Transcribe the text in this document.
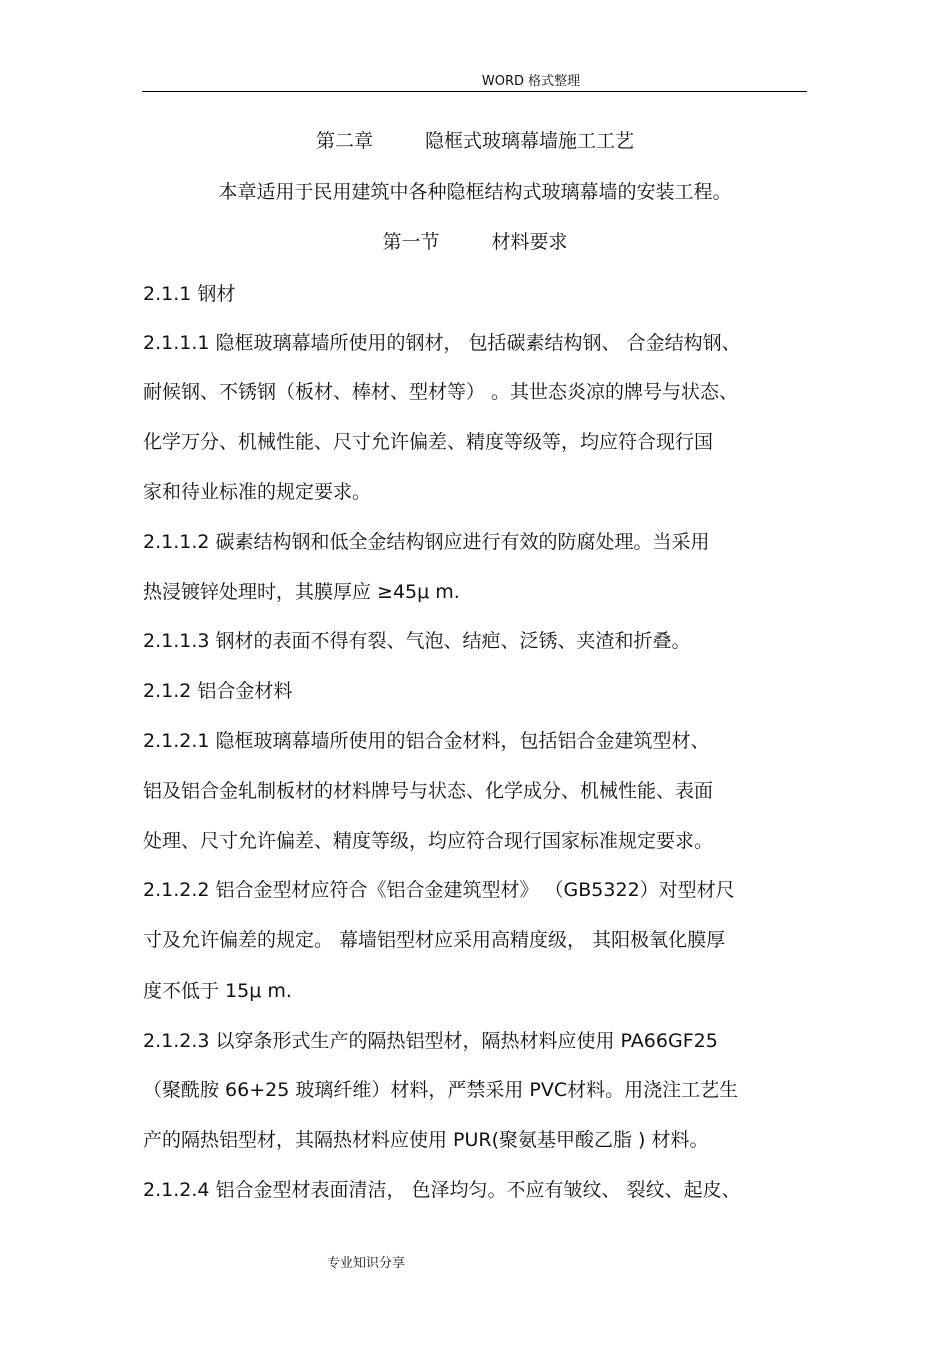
WORD 格式整理
第二章	隐框式玻璃幕墙施工工艺
本章适用于民用建筑中各种隐框结构式玻璃幕墙的安装工程。
第一节	材料要求
2.1.1 钢材
2.1.1.1 隐框玻璃幕墙所使用的钢材， 包括碳素结构钢、 合金结构钢、
耐候钢、不锈钢（板材、棒材、型材等） 。其世态炎凉的牌号与状态、
化学万分、机械性能、尺寸允许偏差、精度等级等，均应符合现行国
家和待业标准的规定要求。
2.1.1.2 碳素结构钢和低全金结构钢应进行有效的防腐处理。当采用
热浸镀锌处理时，其膜厚应 ≥45μ m.
2.1.1.3 钢材的表面不得有裂、气泡、结疤、泛锈、夹渣和折叠。
2.1.2 铝合金材料
2.1.2.1 隐框玻璃幕墙所使用的铝合金材料，包括铝合金建筑型材、
铝及铝合金轧制板材的材料牌号与状态、化学成分、机械性能、表面
处理、尺寸允许偏差、精度等级，均应符合现行国家标准规定要求。
2.1.2.2 铝合金型材应符合《铝合金建筑型材》 （GB5322）对型材尺
寸及允许偏差的规定。 幕墙铝型材应采用高精度级， 其阳极氧化膜厚
度不低于 15μ m.
2.1.2.3 以穿条形式生产的隔热铝型材，隔热材料应使用 PA66GF25
（聚酰胺 66+25 玻璃纤维）材料，严禁采用 PVC材料。用浇注工艺生
产的隔热铝型材，其隔热材料应使用 PUR(聚氨基甲酸乙脂 ) 材料。
2.1.2.4 铝合金型材表面清洁， 色泽均匀。不应有皱纹、 裂纹、起皮、
专业知识分享
